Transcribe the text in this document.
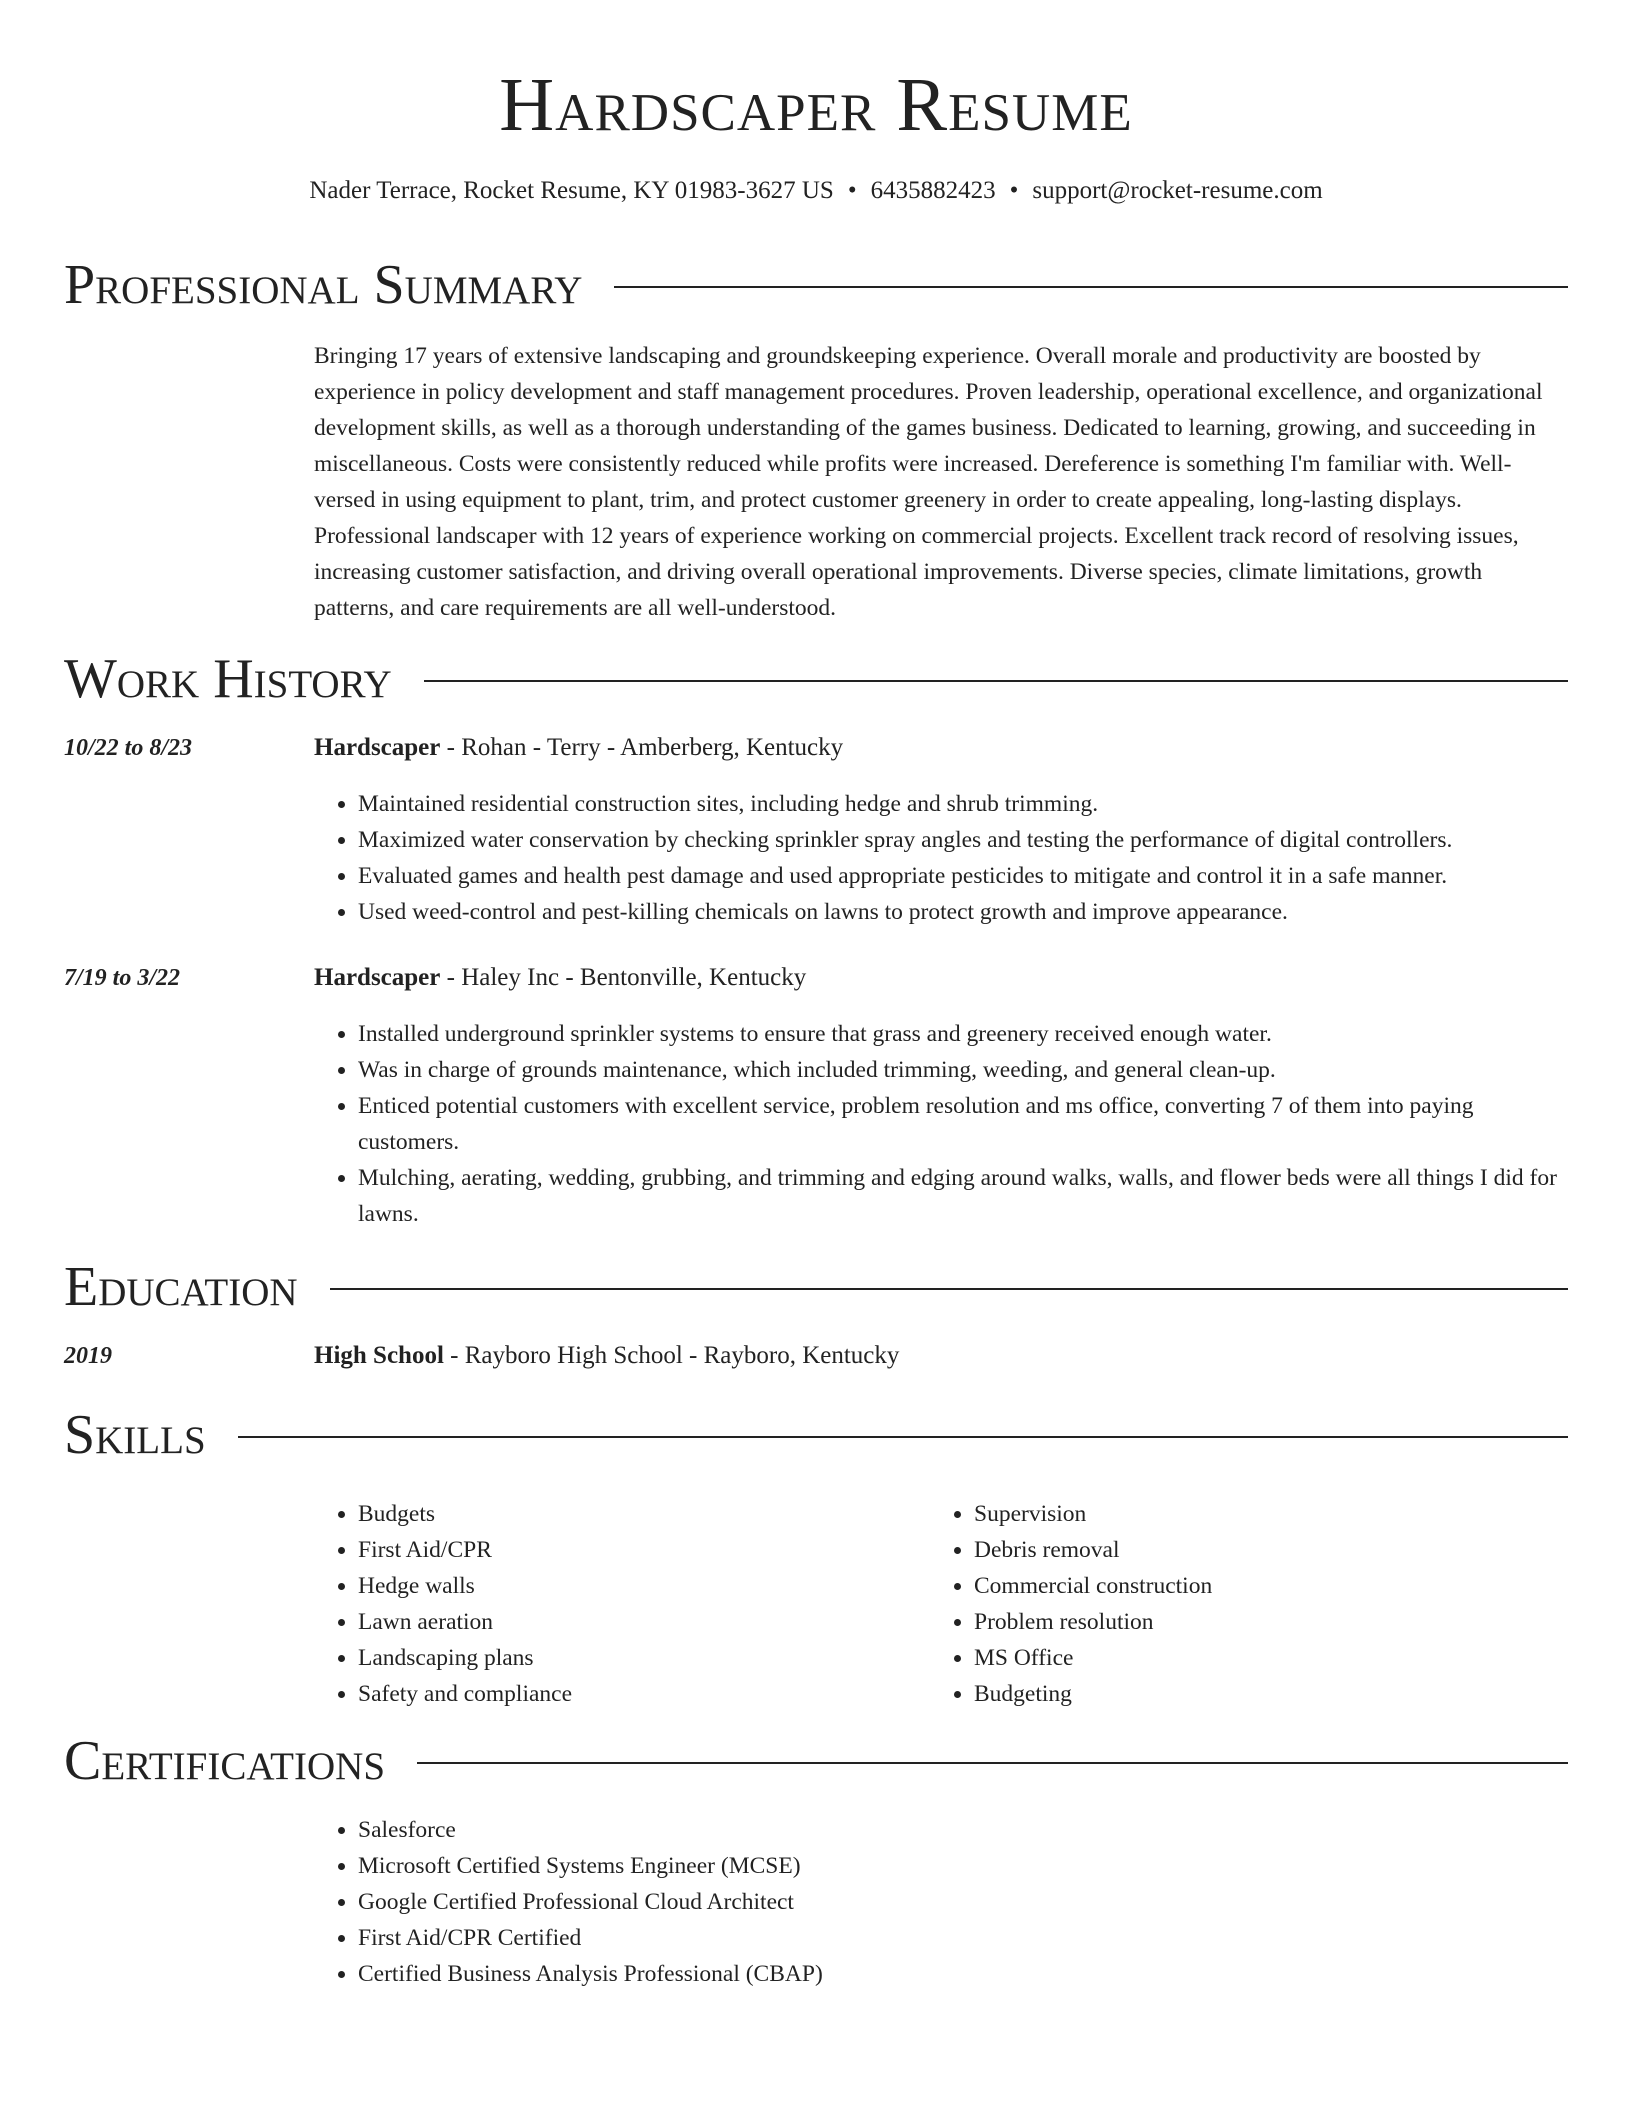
Hardscaper Resume
Nader Terrace, Rocket Resume, KY 01983-3627 US • 6435882423 • support@rocket-resume.com
Professional Summary
Bringing 17 years of extensive landscaping and groundskeeping experience. Overall morale and productivity are boosted by experience in policy development and staff management procedures. Proven leadership, operational excellence, and organizational development skills, as well as a thorough understanding of the games business. Dedicated to learning, growing, and succeeding in miscellaneous. Costs were consistently reduced while profits were increased. Dereference is something I'm familiar with. Well-versed in using equipment to plant, trim, and protect customer greenery in order to create appealing, long-lasting displays. Professional landscaper with 12 years of experience working on commercial projects. Excellent track record of resolving issues, increasing customer satisfaction, and driving overall operational improvements. Diverse species, climate limitations, growth patterns, and care requirements are all well-understood.
Work History
10/22 to 8/23	Hardscaper - Rohan - Terry - Amberberg, Kentucky
• Maintained residential construction sites, including hedge and shrub trimming.
• Maximized water conservation by checking sprinkler spray angles and testing the performance of digital controllers.
• Evaluated games and health pest damage and used appropriate pesticides to mitigate and control it in a safe manner.
• Used weed-control and pest-killing chemicals on lawns to protect growth and improve appearance.
7/19 to 3/22	Hardscaper - Haley Inc - Bentonville, Kentucky
• Installed underground sprinkler systems to ensure that grass and greenery received enough water.
• Was in charge of grounds maintenance, which included trimming, weeding, and general clean-up.
• Enticed potential customers with excellent service, problem resolution and ms office, converting 7 of them into paying customers.
• Mulching, aerating, wedding, grubbing, and trimming and edging around walks, walls, and flower beds were all things I did for lawns.
Education
2019	High School - Rayboro High School - Rayboro, Kentucky
Skills
• Budgets
• First Aid/CPR
• Hedge walls
• Lawn aeration
• Landscaping plans
• Safety and compliance
• Supervision
• Debris removal
• Commercial construction
• Problem resolution
• MS Office
• Budgeting
Certifications
• Salesforce
• Microsoft Certified Systems Engineer (MCSE)
• Google Certified Professional Cloud Architect
• First Aid/CPR Certified
• Certified Business Analysis Professional (CBAP)
